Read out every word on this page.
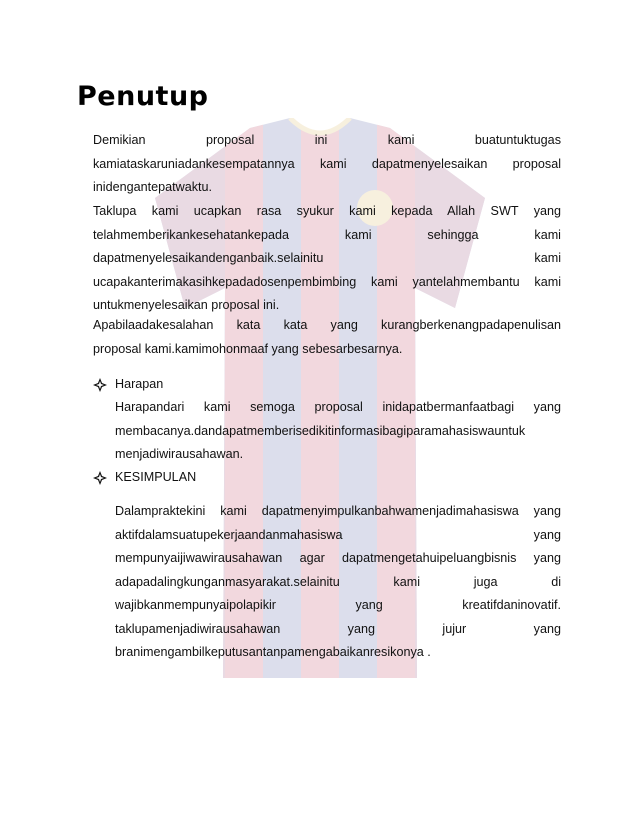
Penutup

Demikian proposal ini kami buatuntuktugas
kamiataskaruniadankesempatannya kami dapatmenyelesaikan proposal
inidengantepatwaktu.

Taklupa kami ucapkan rasa syukur kami kepada Allah SWT yang
telahmemberikankesehatankepada kami sehingga kami
dapatmenyelesaikandenganbaik.selainitu kami
ucapakanterimakasihkepadadosenpembimbing kami yantelahmembantu kami
untukmenyelesaikan proposal ini.

Apabilaadakesalahan kata kata yang kurangberkenangpadapenulisan
proposal kami.kamimohonmaaf yang sebesarbesarnya.

Harapan

Harapandari kami semoga proposal inidapatbermanfaatbagi yang
membacanya.dandapatmemberisedikitinformasibagiparamahasiswauntuk
menjadiwirausahawan.

KESIMPULAN

Dalampraktekini kami dapatmenyimpulkanbahwamenjadimahasiswa yang
aktifdalamsuatupekerjaandanmahasiswa yang
mempunyaijiwawirausahawan agar dapatmengetahuipeluangbisnis yang
adapadalingkunganmasyarakat.selainitu kami juga di
wajibkanmempunyaipolapikir yang kreatifdaninovatif.
taklupamenjadiwirausahawan yang jujur yang
branimengambilkeputusantanpamengabaikanresikonya .
